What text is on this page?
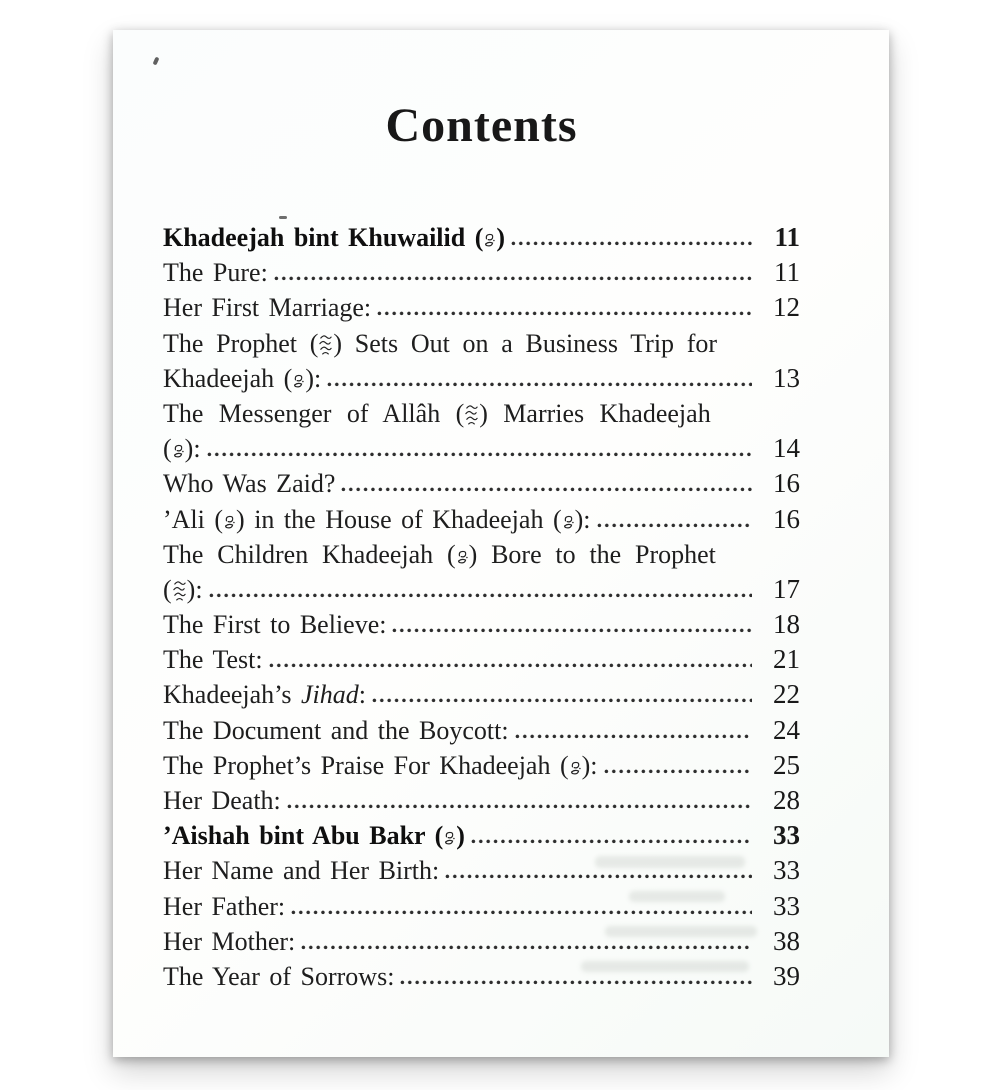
Contents
Khadeejah bint Khuwailid ( )	11
The Pure:	11
Her First Marriage:	12
The Prophet ( ) Sets Out on a Business Trip for
Khadeejah ( ):	13
The Messenger of Allâh ( ) Marries Khadeejah
( ):	14
Who Was Zaid?	16
’Ali ( ) in the House of Khadeejah ( ):	16
The Children Khadeejah ( ) Bore to the Prophet
( ):	17
The First to Believe:	18
The Test:	21
Khadeejah’s Jihad:	22
The Document and the Boycott:	24
The Prophet’s Praise For Khadeejah ( ):	25
Her Death:	28
’Aishah bint Abu Bakr ( )	33
Her Name and Her Birth:	33
Her Father:	33
Her Mother:	38
The Year of Sorrows:	39
